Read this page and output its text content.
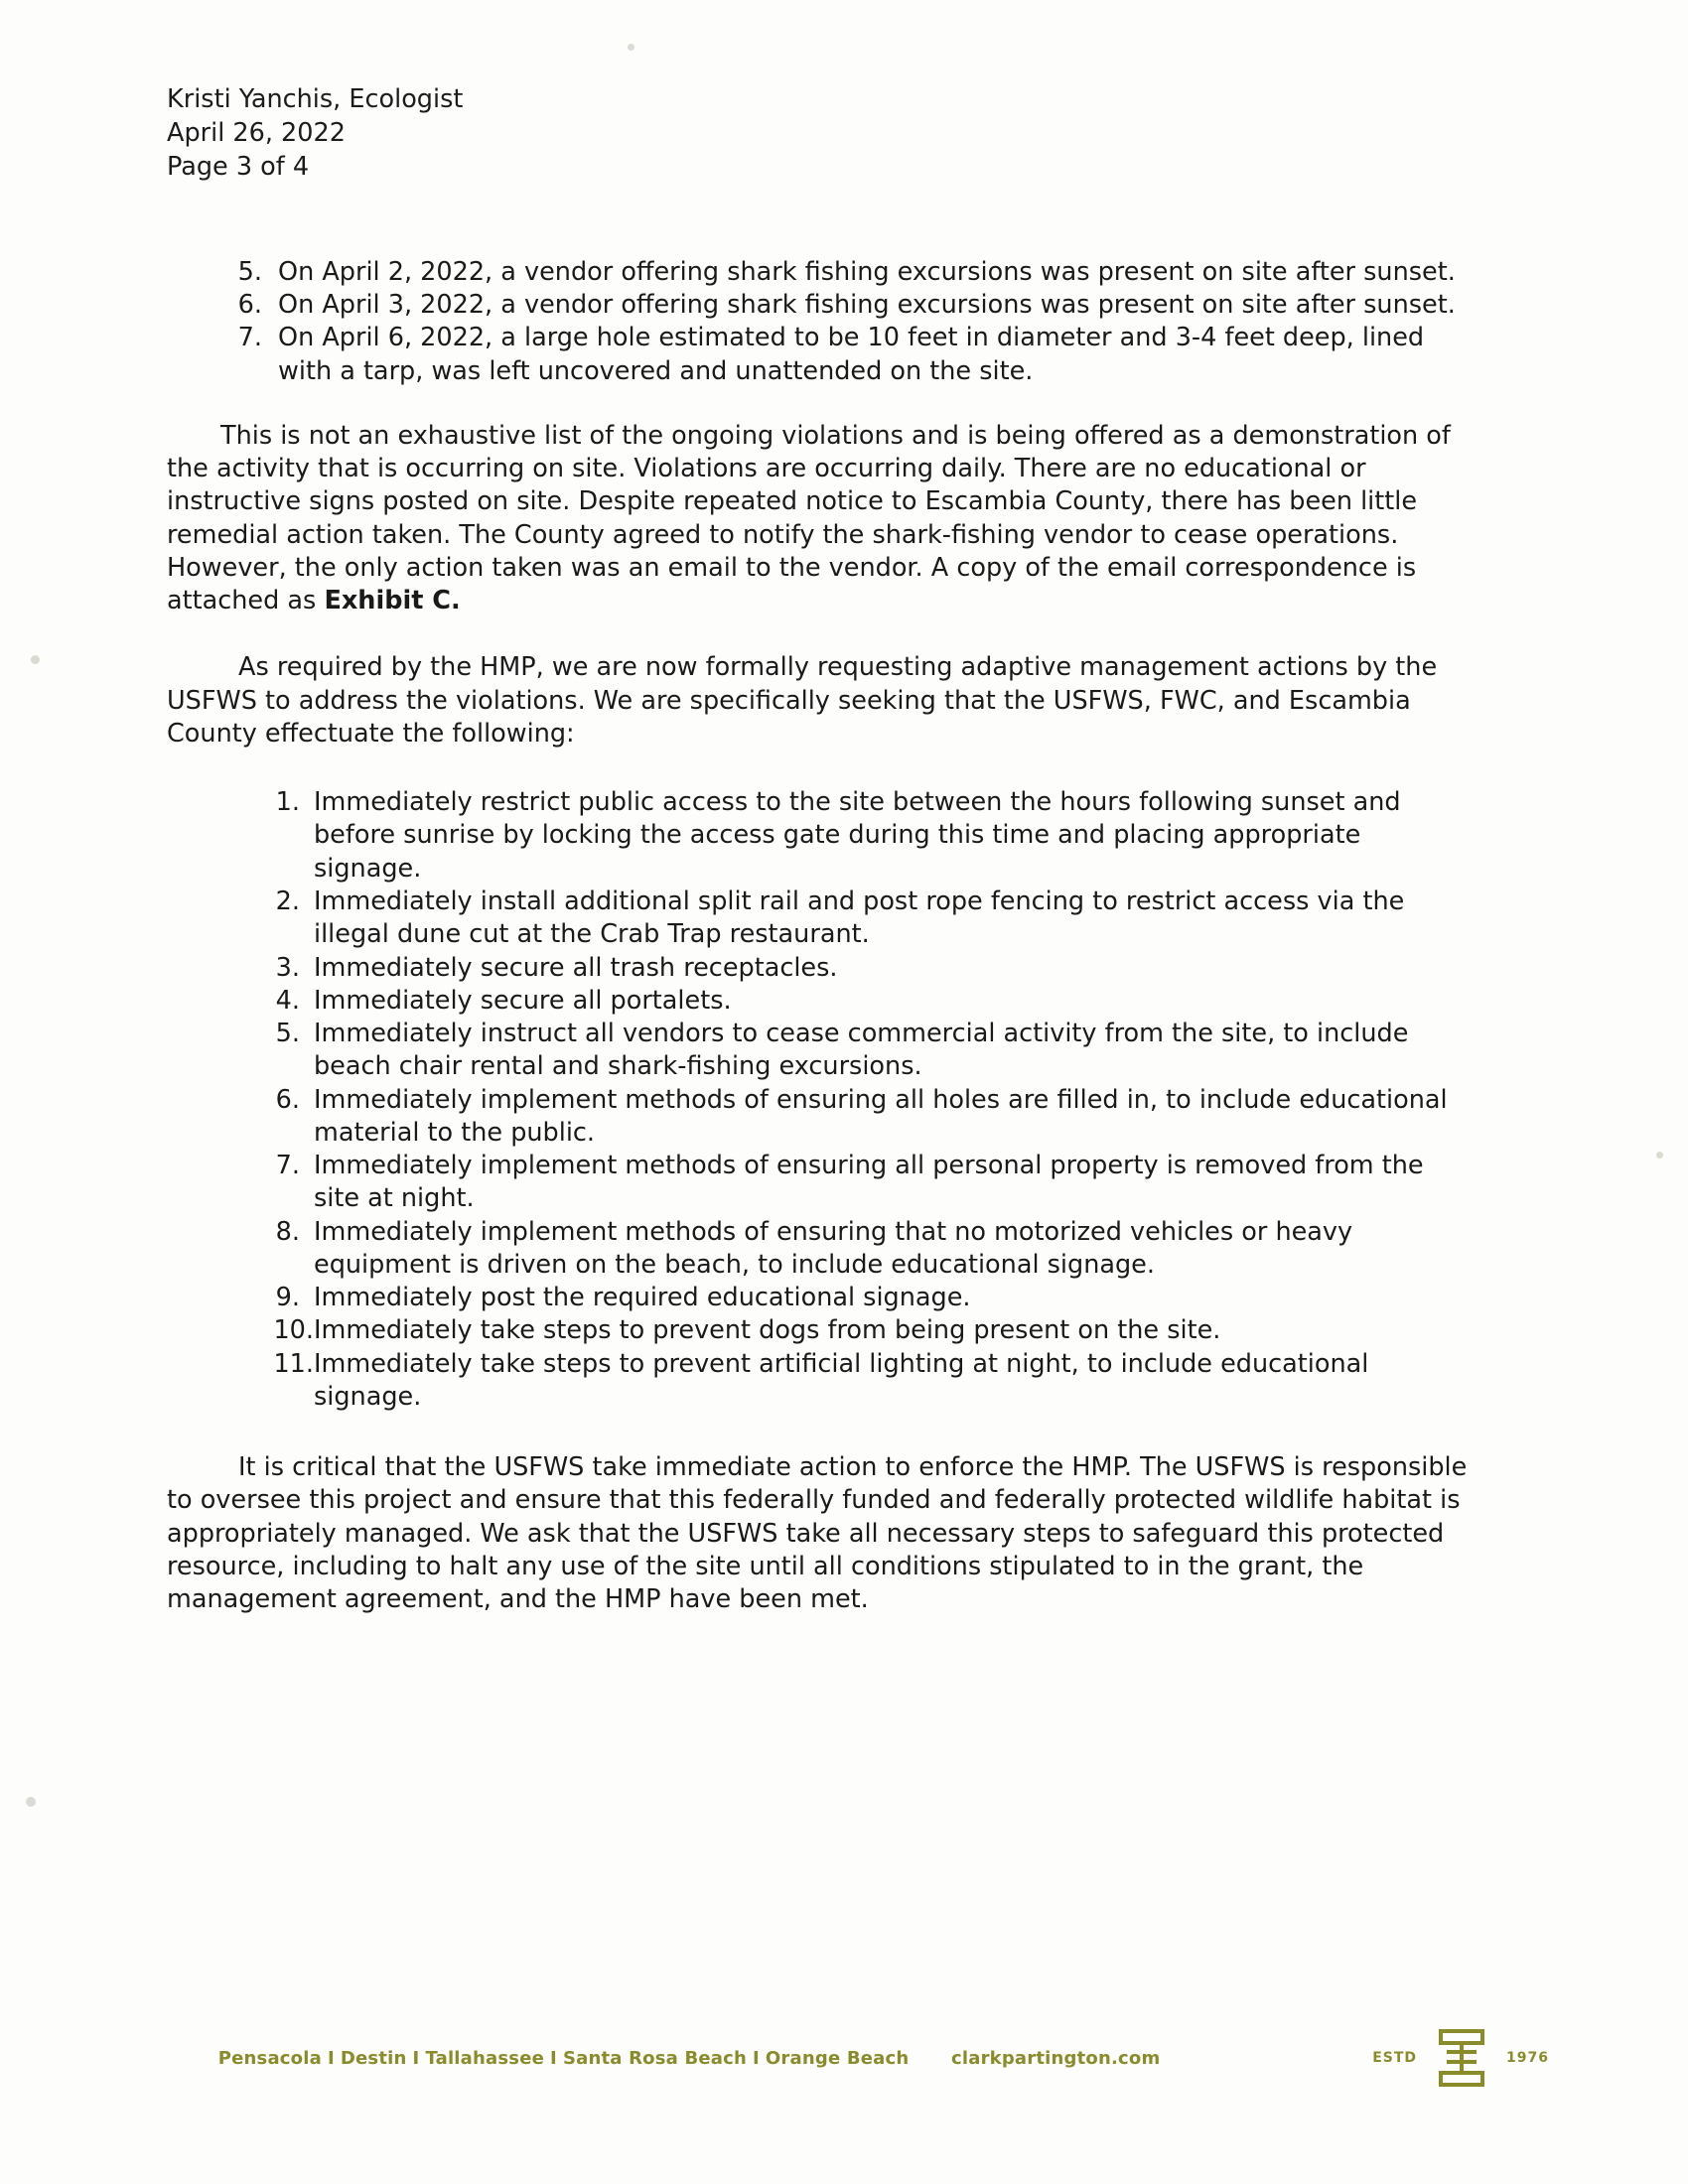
Kristi Yanchis, Ecologist
April 26, 2022
Page 3 of 4
5. On April 2, 2022, a vendor offering shark fishing excursions was present on site after sunset.
6. On April 3, 2022, a vendor offering shark fishing excursions was present on site after sunset.
7. On April 6, 2022, a large hole estimated to be 10 feet in diameter and 3-4 feet deep, lined with a tarp, was left uncovered and unattended on the site.

This is not an exhaustive list of the ongoing violations and is being offered as a demonstration of the activity that is occurring on site. Violations are occurring daily. There are no educational or instructive signs posted on site. Despite repeated notice to Escambia County, there has been little remedial action taken. The County agreed to notify the shark-fishing vendor to cease operations. However, the only action taken was an email to the vendor. A copy of the email correspondence is attached as Exhibit C.

As required by the HMP, we are now formally requesting adaptive management actions by the USFWS to address the violations. We are specifically seeking that the USFWS, FWC, and Escambia County effectuate the following:

1. Immediately restrict public access to the site between the hours following sunset and before sunrise by locking the access gate during this time and placing appropriate signage.
2. Immediately install additional split rail and post rope fencing to restrict access via the illegal dune cut at the Crab Trap restaurant.
3. Immediately secure all trash receptacles.
4. Immediately secure all portalets.
5. Immediately instruct all vendors to cease commercial activity from the site, to include beach chair rental and shark-fishing excursions.
6. Immediately implement methods of ensuring all holes are filled in, to include educational material to the public.
7. Immediately implement methods of ensuring all personal property is removed from the site at night.
8. Immediately implement methods of ensuring that no motorized vehicles or heavy equipment is driven on the beach, to include educational signage.
9. Immediately post the required educational signage.
10. Immediately take steps to prevent dogs from being present on the site.
11. Immediately take steps to prevent artificial lighting at night, to include educational signage.

It is critical that the USFWS take immediate action to enforce the HMP. The USFWS is responsible to oversee this project and ensure that this federally funded and federally protected wildlife habitat is appropriately managed. We ask that the USFWS take all necessary steps to safeguard this protected resource, including to halt any use of the site until all conditions stipulated to in the grant, the management agreement, and the HMP have been met.

Pensacola I Destin I Tallahassee I Santa Rosa Beach I Orange Beach
clarkpartington.com	ESTD	1976
